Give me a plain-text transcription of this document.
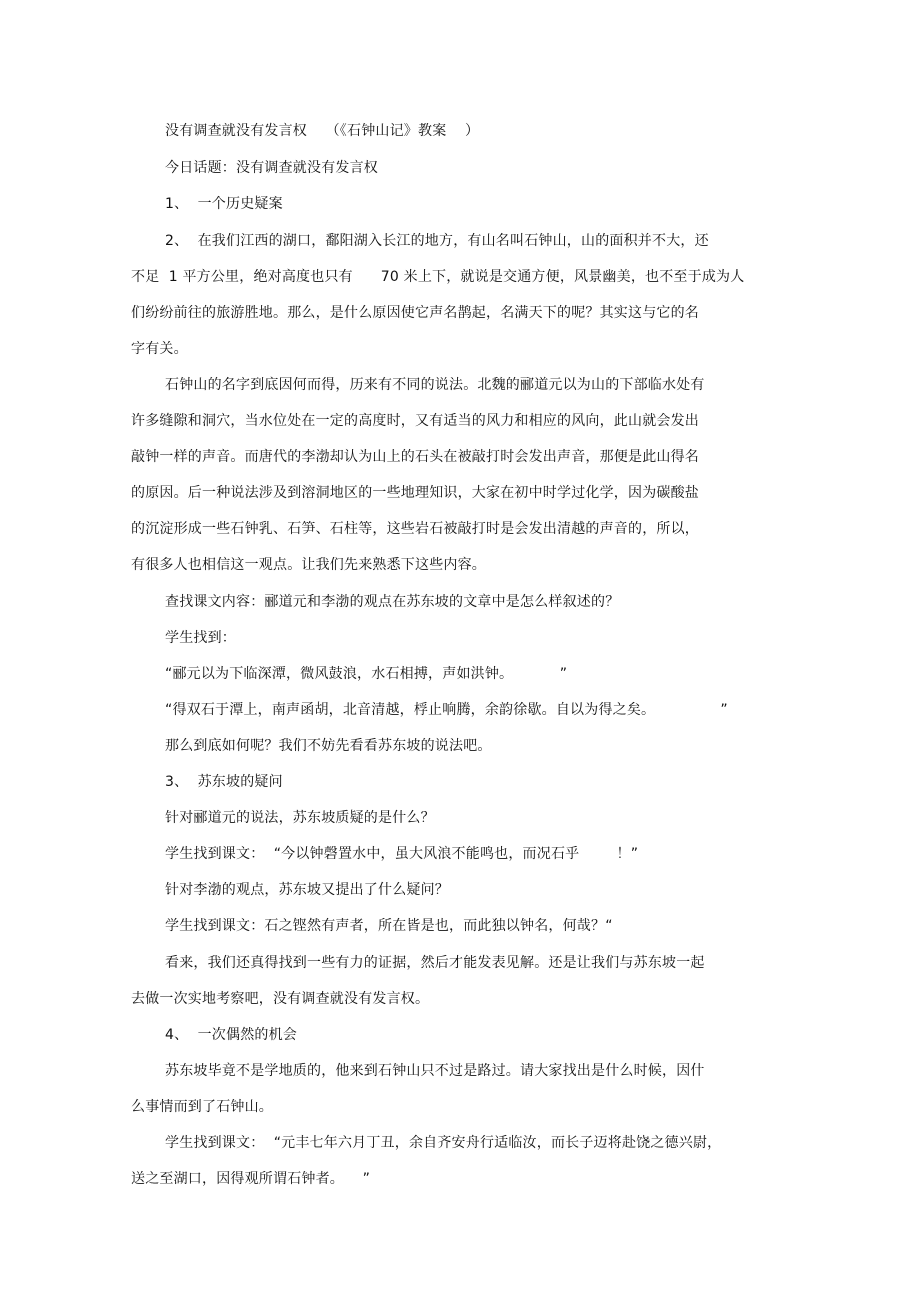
没有调查就没有发言权    （《石钟山记》教案    ）
今日话题：没有调查就没有发言权
1、  一个历史疑案
2、  在我们江西的湖口，鄱阳湖入长江的地方，有山名叫石钟山，山的面积并不大，还
不足  1 平方公里，绝对高度也只有      70 米上下，就说是交通方便，风景幽美，也不至于成为人
们纷纷前往的旅游胜地。那么，是什么原因使它声名鹊起，名满天下的呢？其实这与它的名
字有关。
石钟山的名字到底因何而得，历来有不同的说法。北魏的郦道元以为山的下部临水处有
许多缝隙和洞穴，当水位处在一定的高度时，又有适当的风力和相应的风向，此山就会发出
敲钟一样的声音。而唐代的李渤却认为山上的石头在被敲打时会发出声音，那便是此山得名
的原因。后一种说法涉及到溶洞地区的一些地理知识，大家在初中时学过化学，因为碳酸盐
的沉淀形成一些石钟乳、石笋、石柱等，这些岩石被敲打时是会发出清越的声音的，所以，
有很多人也相信这一观点。让我们先来熟悉下这些内容。
查找课文内容：郦道元和李渤的观点在苏东坡的文章中是怎么样叙述的？
学生找到：
“郦元以为下临深潭，微风鼓浪，水石相搏，声如洪钟。          ”
“得双石于潭上，南声函胡，北音清越，桴止响腾，余韵徐歇。自以为得之矣。              ”
那么到底如何呢？我们不妨先看看苏东坡的说法吧。
3、  苏东坡的疑问
针对郦道元的说法，苏东坡质疑的是什么？
学生找到课文：  “今以钟磬置水中，虽大风浪不能鸣也，而况石乎        ！”
针对李渤的观点，苏东坡又提出了什么疑问？
学生找到课文：石之铿然有声者，所在皆是也，而此独以钟名，何哉？“
看来，我们还真得找到一些有力的证据，然后才能发表见解。还是让我们与苏东坡一起
去做一次实地考察吧，没有调查就没有发言权。
4、  一次偶然的机会
苏东坡毕竟不是学地质的，他来到石钟山只不过是路过。请大家找出是什么时候，因什
么事情而到了石钟山。
学生找到课文：  “元丰七年六月丁丑，余自齐安舟行适临汝，而长子迈将赴饶之德兴尉，
送之至湖口，因得观所谓石钟者。    ”
